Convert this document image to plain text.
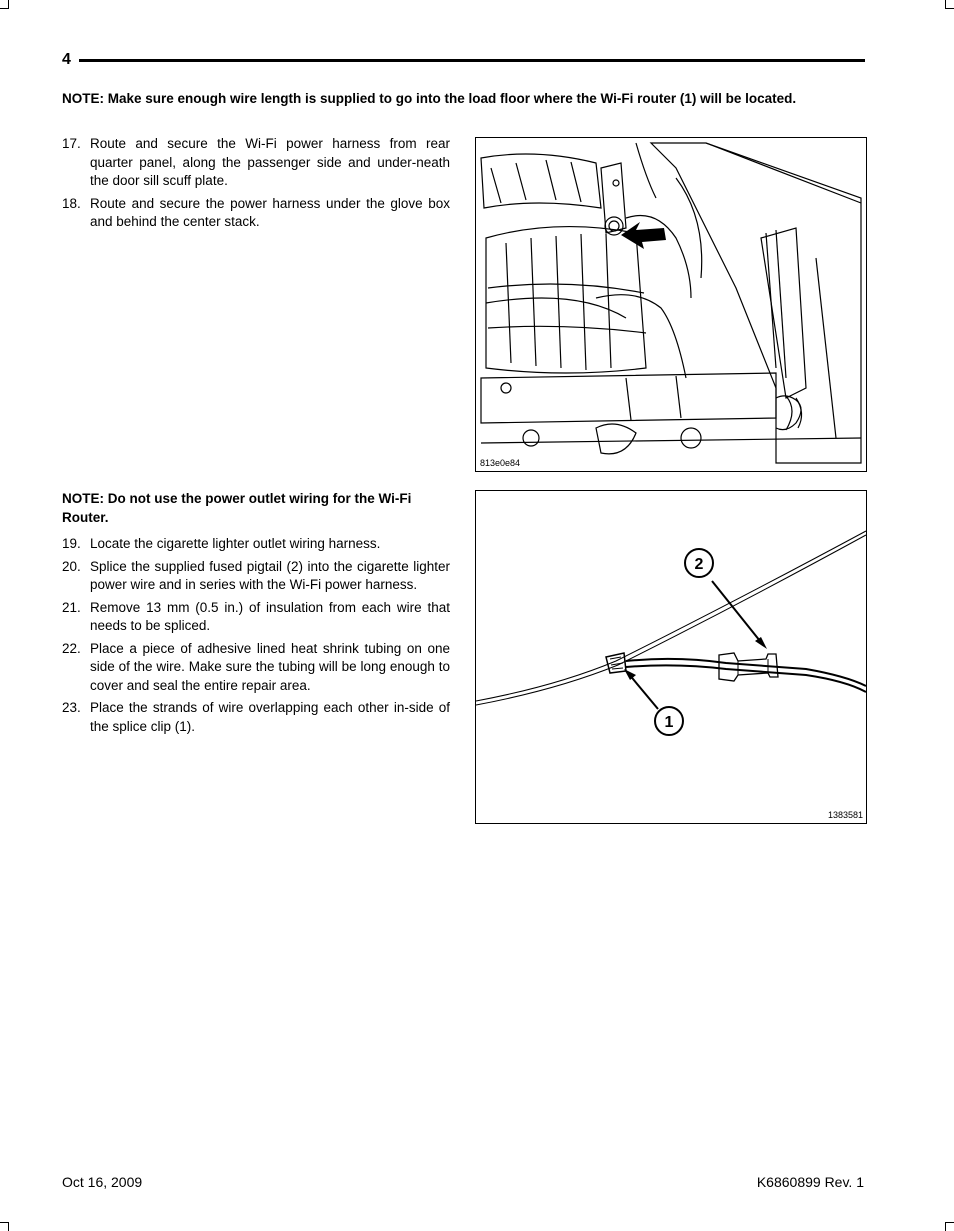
4
NOTE: Make sure enough wire length is supplied to go into the load floor where the Wi-Fi router (1) will be located.
17. Route and secure the Wi-Fi power harness from rear quarter panel, along the passenger side and under-neath the door sill scuff plate.
18. Route and secure the power harness under the glove box and behind the center stack.
813e0e84
NOTE: Do not use the power outlet wiring for the Wi-Fi Router.
19. Locate the cigarette lighter outlet wiring harness.
20. Splice the supplied fused pigtail (2) into the cigarette lighter power wire and in series with the Wi-Fi power harness.
21. Remove 13 mm (0.5 in.) of insulation from each wire that needs to be spliced.
22. Place a piece of adhesive lined heat shrink tubing on one side of the wire. Make sure the tubing will be long enough to cover and seal the entire repair area.
23. Place the strands of wire overlapping each other in-side of the splice clip (1).
2
1
1383581
Oct 16, 2009	K6860899 Rev. 1
